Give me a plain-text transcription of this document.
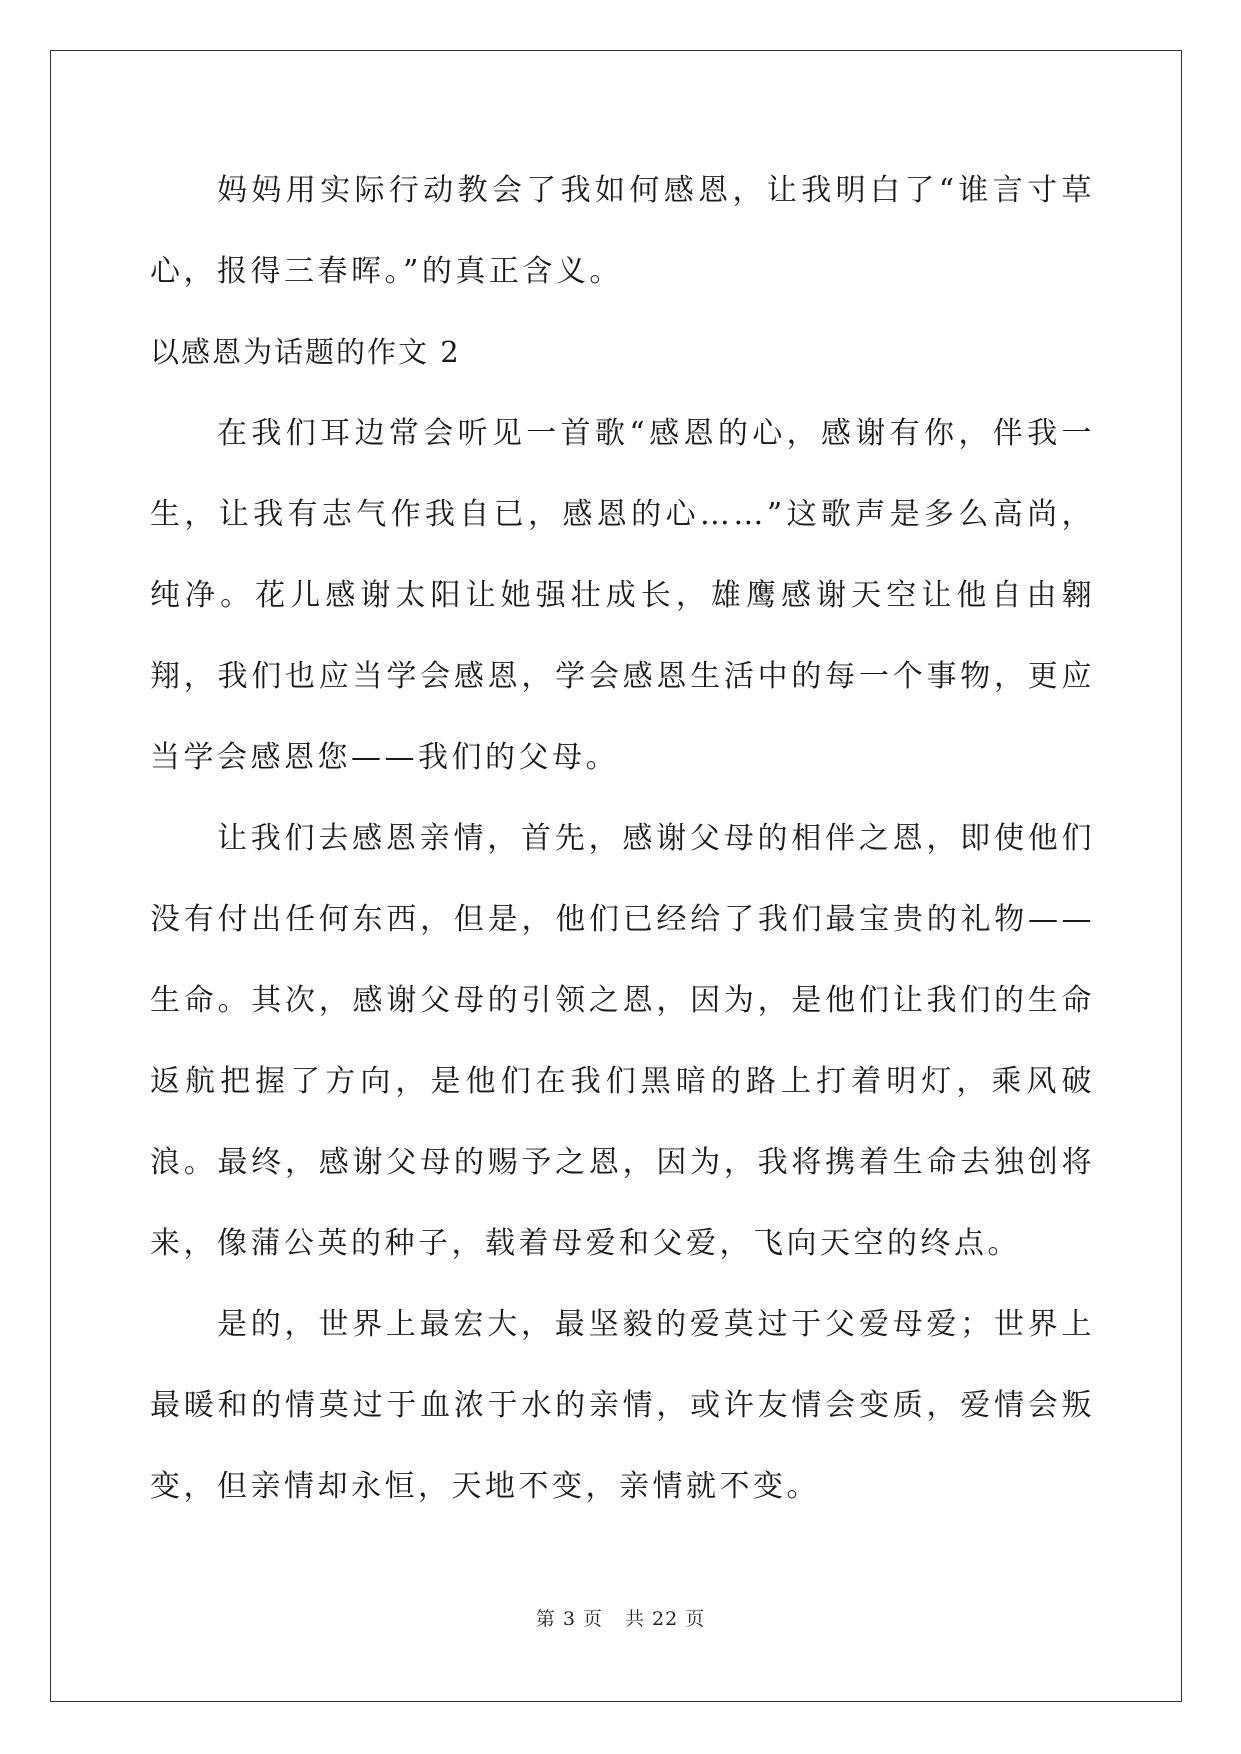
妈妈用实际行动教会了我如何感恩，让我明白了“谁言寸草心，报得三春晖。”的真正含义。

以感恩为话题的作文 2

在我们耳边常会听见一首歌“感恩的心，感谢有你，伴我一生，让我有志气作我自已，感恩的心……”这歌声是多么高尚，纯净。花儿感谢太阳让她强壮成长，雄鹰感谢天空让他自由翱翔，我们也应当学会感恩，学会感恩生活中的每一个事物，更应当学会感恩您——我们的父母。

让我们去感恩亲情，首先，感谢父母的相伴之恩，即使他们没有付出任何东西，但是，他们已经给了我们最宝贵的礼物——生命。其次，感谢父母的引领之恩，因为，是他们让我们的生命返航把握了方向，是他们在我们黑暗的路上打着明灯，乘风破浪。最终，感谢父母的赐予之恩，因为，我将携着生命去独创将来，像蒲公英的种子，载着母爱和父爱，飞向天空的终点。

是的，世界上最宏大，最坚毅的爱莫过于父爱母爱；世界上最暖和的情莫过于血浓于水的亲情，或许友情会变质，爱情会叛变，但亲情却永恒，天地不变，亲情就不变。

第 3 页 共 22 页
